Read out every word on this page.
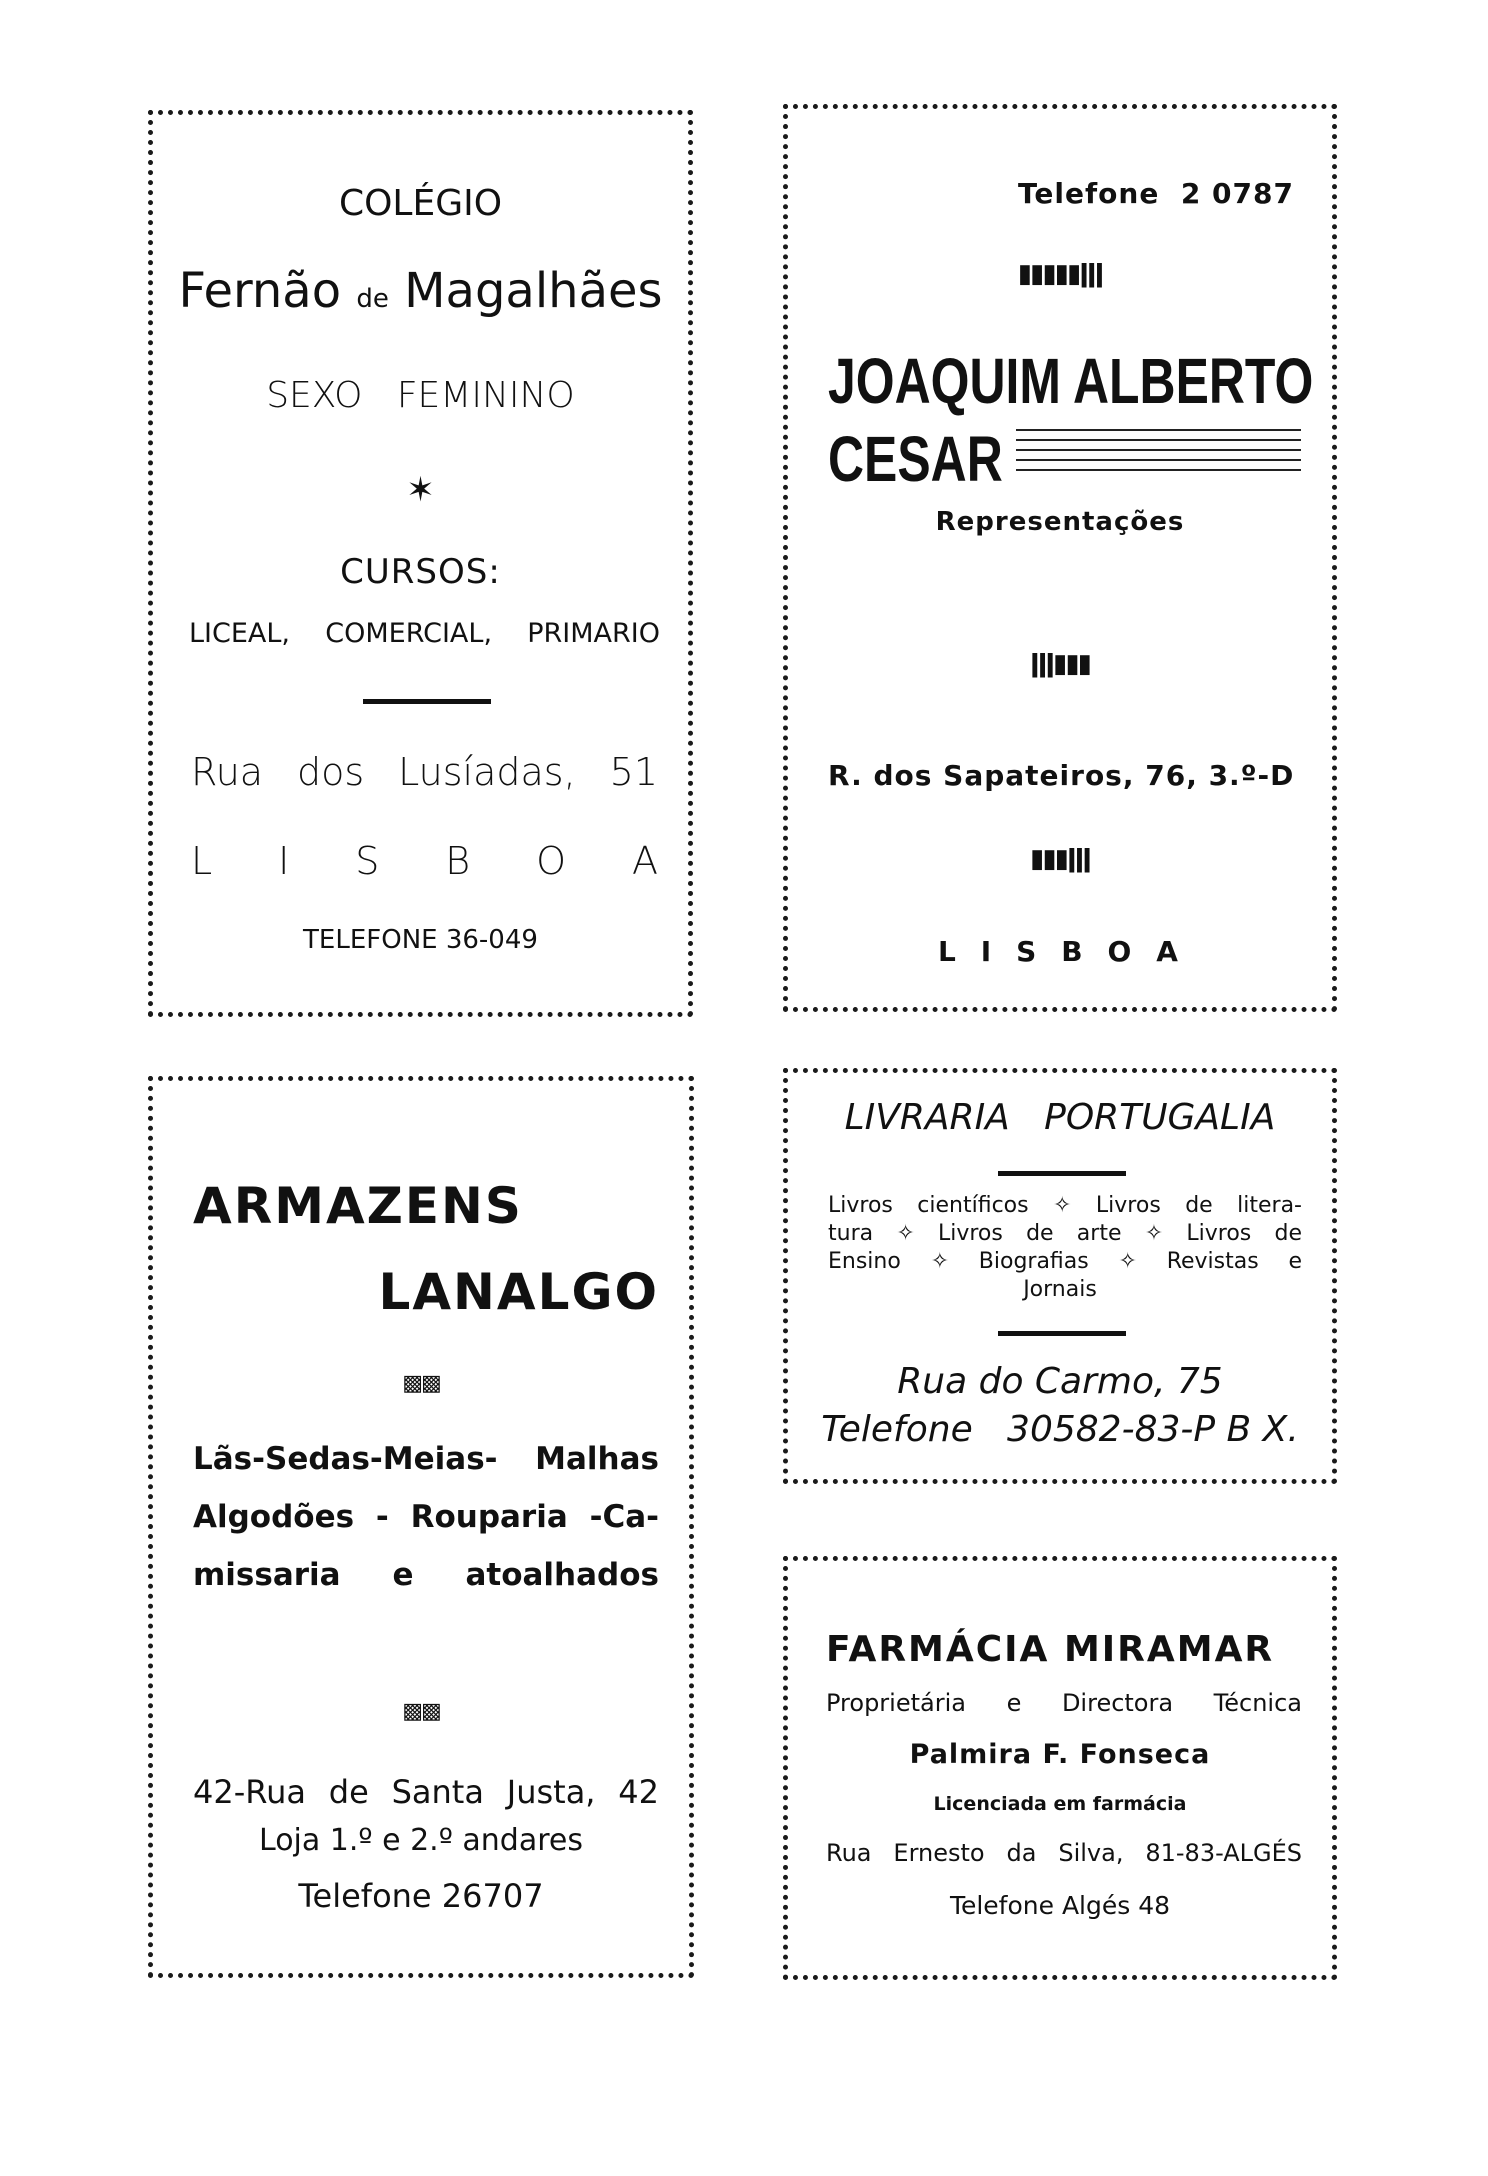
COLÉGIO
Fernão de Magalhães
SEXO   FEMININO
✶
CURSOS:
LICEAL, COMERCIAL, PRIMARIO
Rua dos Lusíadas, 51
L I S B O A
TELEFONE 36-049
Telefone  2 0787
▮▮▮▮▮ǀǀǀ
JOAQUIM ALBERTO
CESAR
Representações
ǀǀǀ▮▮▮
R. dos Sapateiros, 76, 3.º-D
▮▮▮ǀǀǀ
L I S B O A
ARMAZENS
LANALGO
▩▩
Lãs-Sedas-Meias- Malhas
Algodões - Rouparia -Ca-
missaria  e  atoalhados
▩▩
42-Rua de Santa Justa, 42
Loja 1.º e 2.º andares
Telefone 26707
LIVRARIA   PORTUGALIA
Livros científicos ✧ Livros de litera-
tura ✧ Livros de arte ✧ Livros de
Ensino ✧ Biografias ✧ Revistas e
Jornais
Rua do Carmo, 75
Telefone   30582-83-P B X.
FARMÁCIA MIRAMAR
Proprietária e Directora Técnica
Palmira F. Fonseca
Licenciada em farmácia
Rua Ernesto da Silva, 81-83-ALGÉS
Telefone Algés 48
